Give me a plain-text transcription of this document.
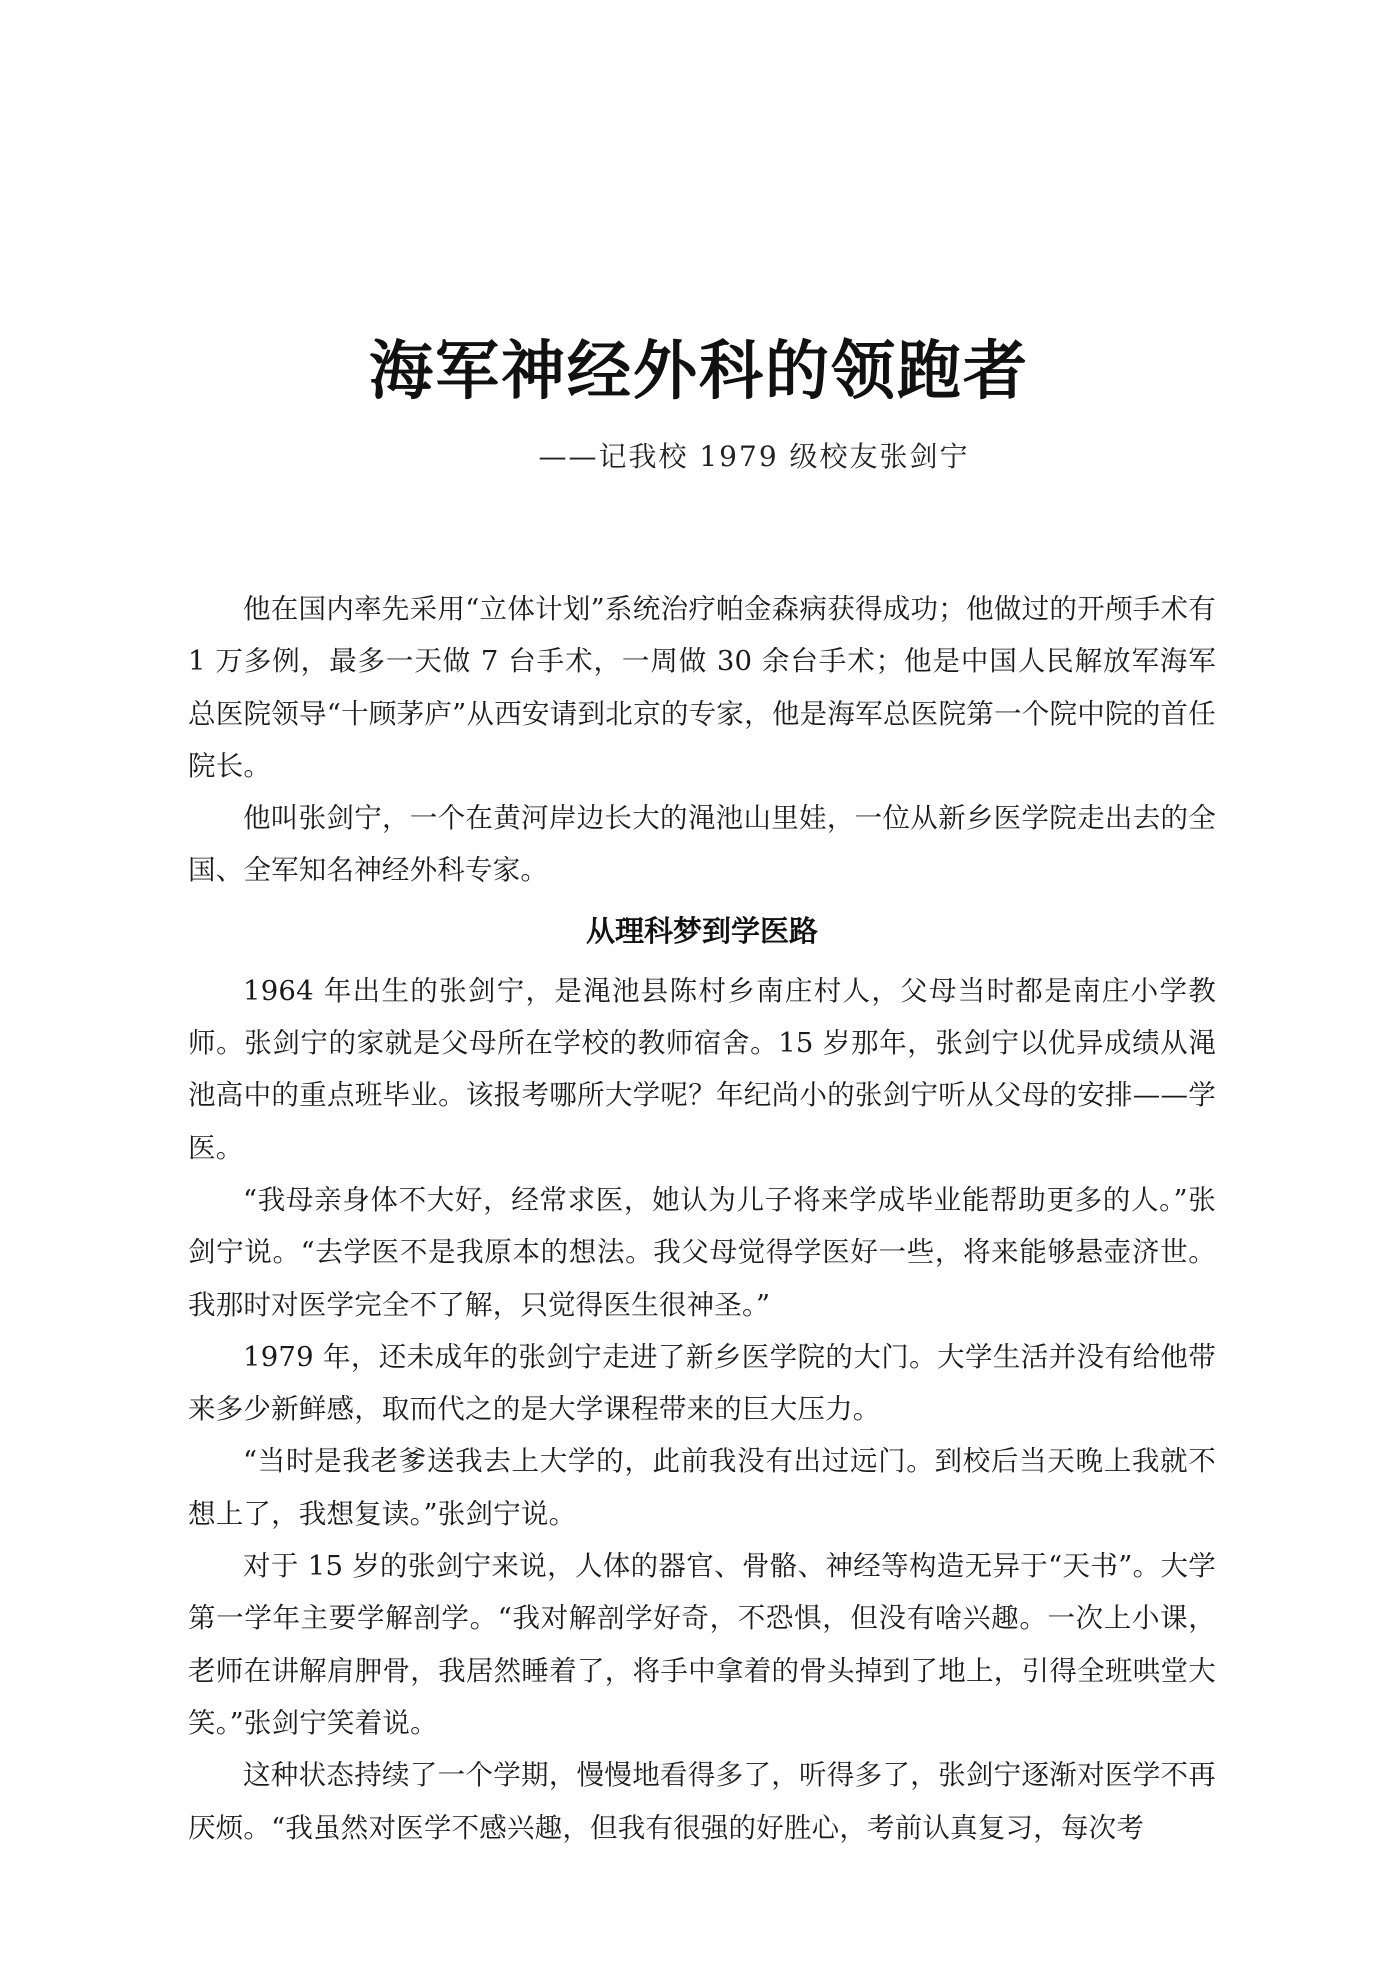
海军神经外科的领跑者
——记我校 1979 级校友张剑宁

他在国内率先采用“立体计划”系统治疗帕金森病获得成功；他做过的开颅手术有 1 万多例，最多一天做 7 台手术，一周做 30 余台手术；他是中国人民解放军海军总医院领导“十顾茅庐”从西安请到北京的专家，他是海军总医院第一个院中院的首任院长。

他叫张剑宁，一个在黄河岸边长大的渑池山里娃，一位从新乡医学院走出去的全国、全军知名神经外科专家。

从理科梦到学医路

1964 年出生的张剑宁，是渑池县陈村乡南庄村人，父母当时都是南庄小学教师。张剑宁的家就是父母所在学校的教师宿舍。15 岁那年，张剑宁以优异成绩从渑池高中的重点班毕业。该报考哪所大学呢？年纪尚小的张剑宁听从父母的安排——学医。

“我母亲身体不大好，经常求医，她认为儿子将来学成毕业能帮助更多的人。”张剑宁说。“去学医不是我原本的想法。我父母觉得学医好一些，将来能够悬壶济世。我那时对医学完全不了解，只觉得医生很神圣。”

1979 年，还未成年的张剑宁走进了新乡医学院的大门。大学生活并没有给他带来多少新鲜感，取而代之的是大学课程带来的巨大压力。

“当时是我老爹送我去上大学的，此前我没有出过远门。到校后当天晚上我就不想上了，我想复读。”张剑宁说。

对于 15 岁的张剑宁来说，人体的器官、骨骼、神经等构造无异于“天书”。大学第一学年主要学解剖学。“我对解剖学好奇，不恐惧，但没有啥兴趣。一次上小课，老师在讲解肩胛骨，我居然睡着了，将手中拿着的骨头掉到了地上，引得全班哄堂大笑。”张剑宁笑着说。

这种状态持续了一个学期，慢慢地看得多了，听得多了，张剑宁逐渐对医学不再厌烦。“我虽然对医学不感兴趣，但我有很强的好胜心，考前认真复习，每次考
